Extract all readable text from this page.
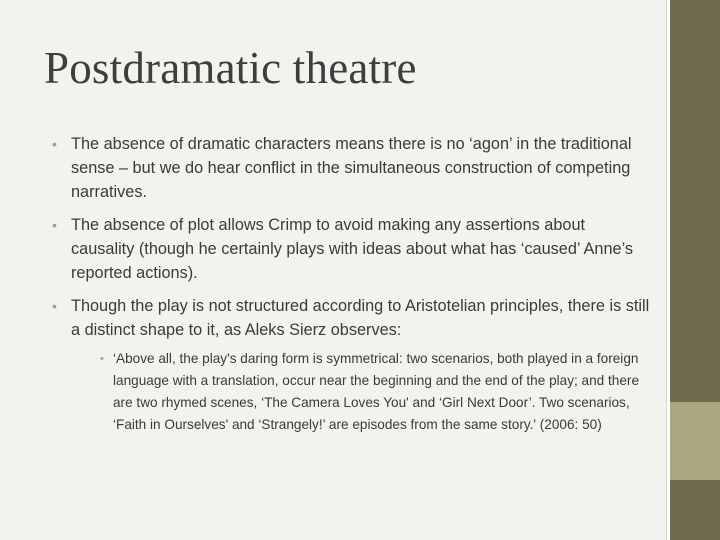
Postdramatic theatre
• The absence of dramatic characters means there is no ‘agon’ in the traditional sense – but we do hear conflict in the simultaneous construction of competing narratives.
• The absence of plot allows Crimp to avoid making any assertions about causality (though he certainly plays with ideas about what has ‘caused’ Anne’s reported actions).
• Though the play is not structured according to Aristotelian principles, there is still a distinct shape to it, as Aleks Sierz observes:
• ‘Above all, the play's daring form is symmetrical: two scenarios, both played in a foreign language with a translation, occur near the beginning and the end of the play; and there are two rhymed scenes, ‘The Camera Loves You' and ‘Girl Next Door’. Two scenarios, ‘Faith in Ourselves' and ‘Strangely!’ are episodes from the same story.' (2006: 50)
